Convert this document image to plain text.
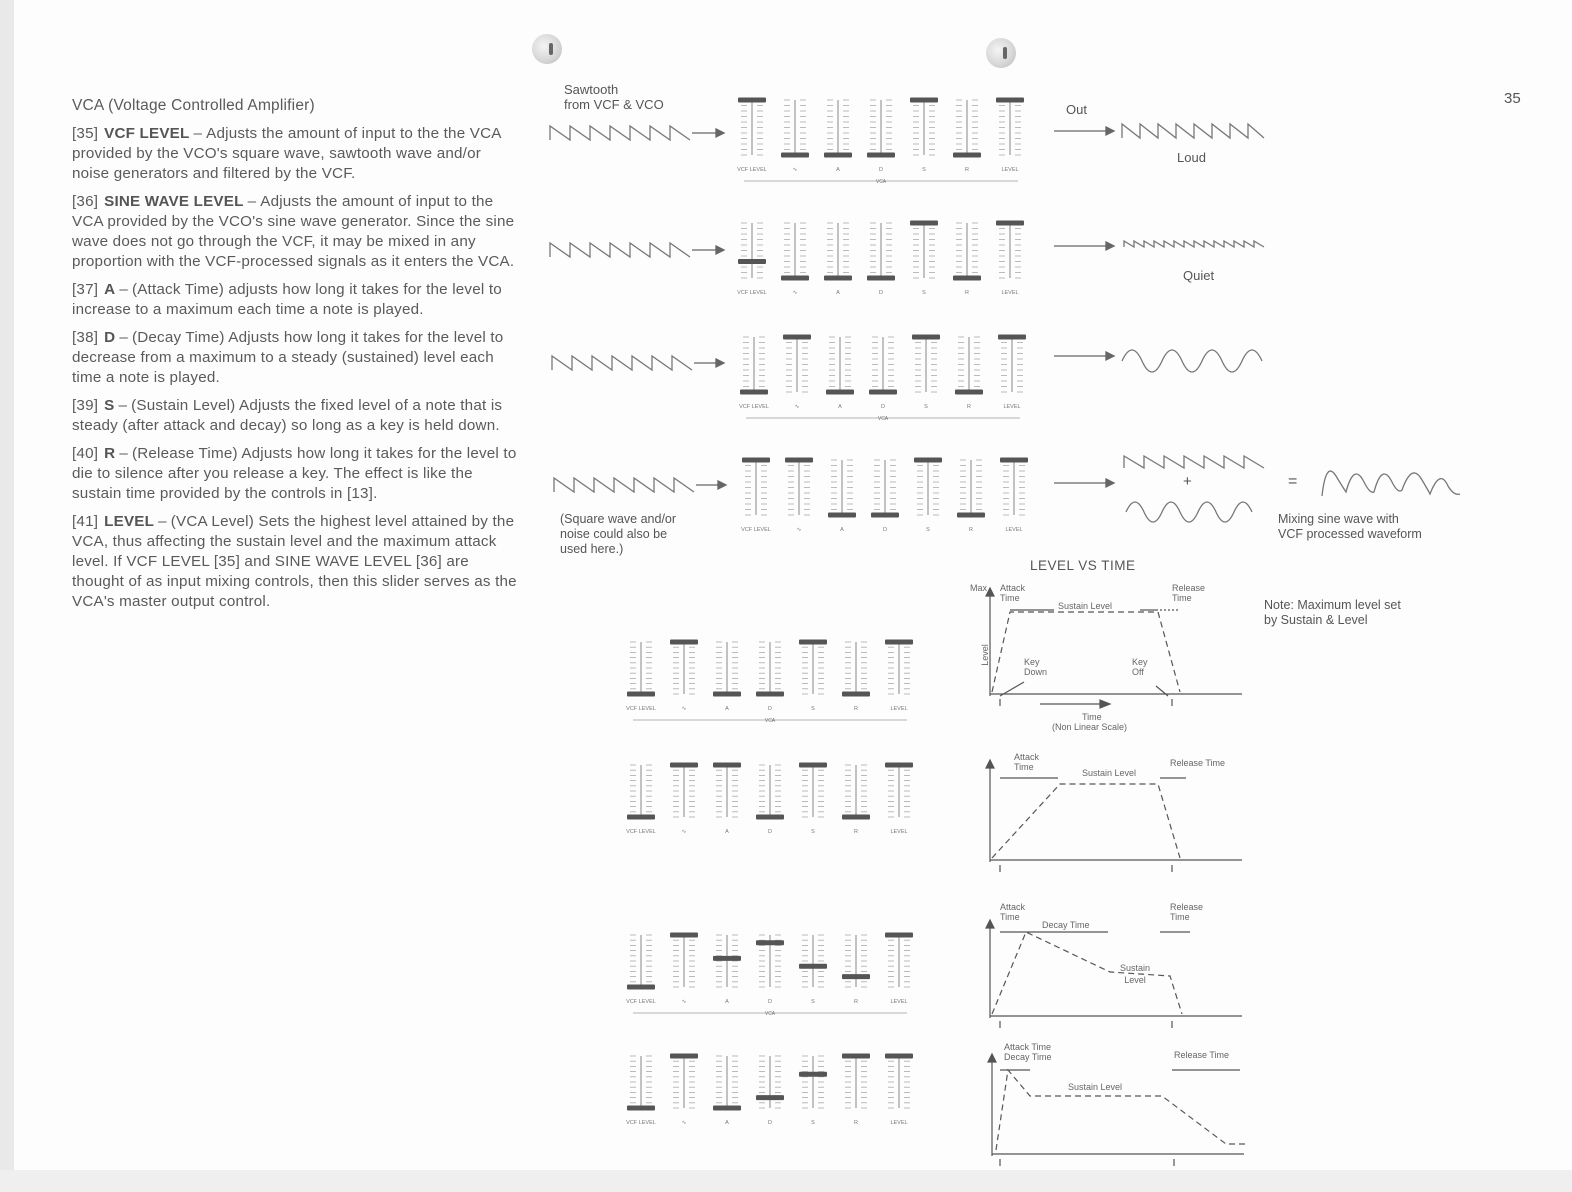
35

VCA (Voltage Controlled Amplifier)

[35] VCF LEVEL – Adjusts the amount of input to the the VCA provided by the VCO's square wave, sawtooth wave and/or noise generators and filtered by the VCF.

[36] SINE WAVE LEVEL – Adjusts the amount of input to the VCA provided by the VCO's sine wave generator. Since the sine wave does not go through the VCF, it may be mixed in any proportion with the VCF-processed signals as it enters the VCA.

[37] A – (Attack Time) adjusts how long it takes for the level to increase to a maximum each time a note is played.

[38] D – (Decay Time) Adjusts how long it takes for the level to decrease from a maximum to a steady (sustained) level each time a note is played.

[39] S – (Sustain Level) Adjusts the fixed level of a note that is steady (after attack and decay) so long as a key is held down.

[40] R – (Release Time) Adjusts how long it takes for the level to die to silence after you release a key. The effect is like the sustain time provided by the controls in [13].

[41] LEVEL – (VCA Level) Sets the highest level attained by the VCA, thus affecting the sustain level and the maximum attack level. If VCF LEVEL [35] and SINE WAVE LEVEL [36] are thought of as input mixing controls, then this slider serves as the VCA's master output control.

Sawtooth
from VCF & VCO	Out
Loud
Quiet
+	=
(Square wave and/or
noise could also be
used here.)
Mixing sine wave with
VCF processed waveform
LEVEL VS TIME
Note: Maximum level set
by Sustain & Level
VCF LEVEL	∿	A	D	S	R	LEVEL
VCA
VCF LEVEL	∿	A	D	S	R	LEVEL
VCF LEVEL	∿	A	D	S	R	LEVEL
VCA
VCF LEVEL	∿	A	D	S	R	LEVEL
VCF LEVEL	∿	A	D	S	R	LEVEL
VCA
VCF LEVEL	∿	A	D	S	R	LEVEL
VCF LEVEL	∿	A	D	S	R	LEVEL
VCA
VCF LEVEL	∿	A	D	S	R	LEVEL
Max Attack
Time
Release
Time
Sustain Level
Level	Key
Down
Key
Off
Time
(Non Linear Scale)
Attack
Time	Release Time
Sustain Level
Attack
Time
Decay Time
Release
Time
Sustain
Level
Attack Time
Decay Time	Release Time
Sustain Level
